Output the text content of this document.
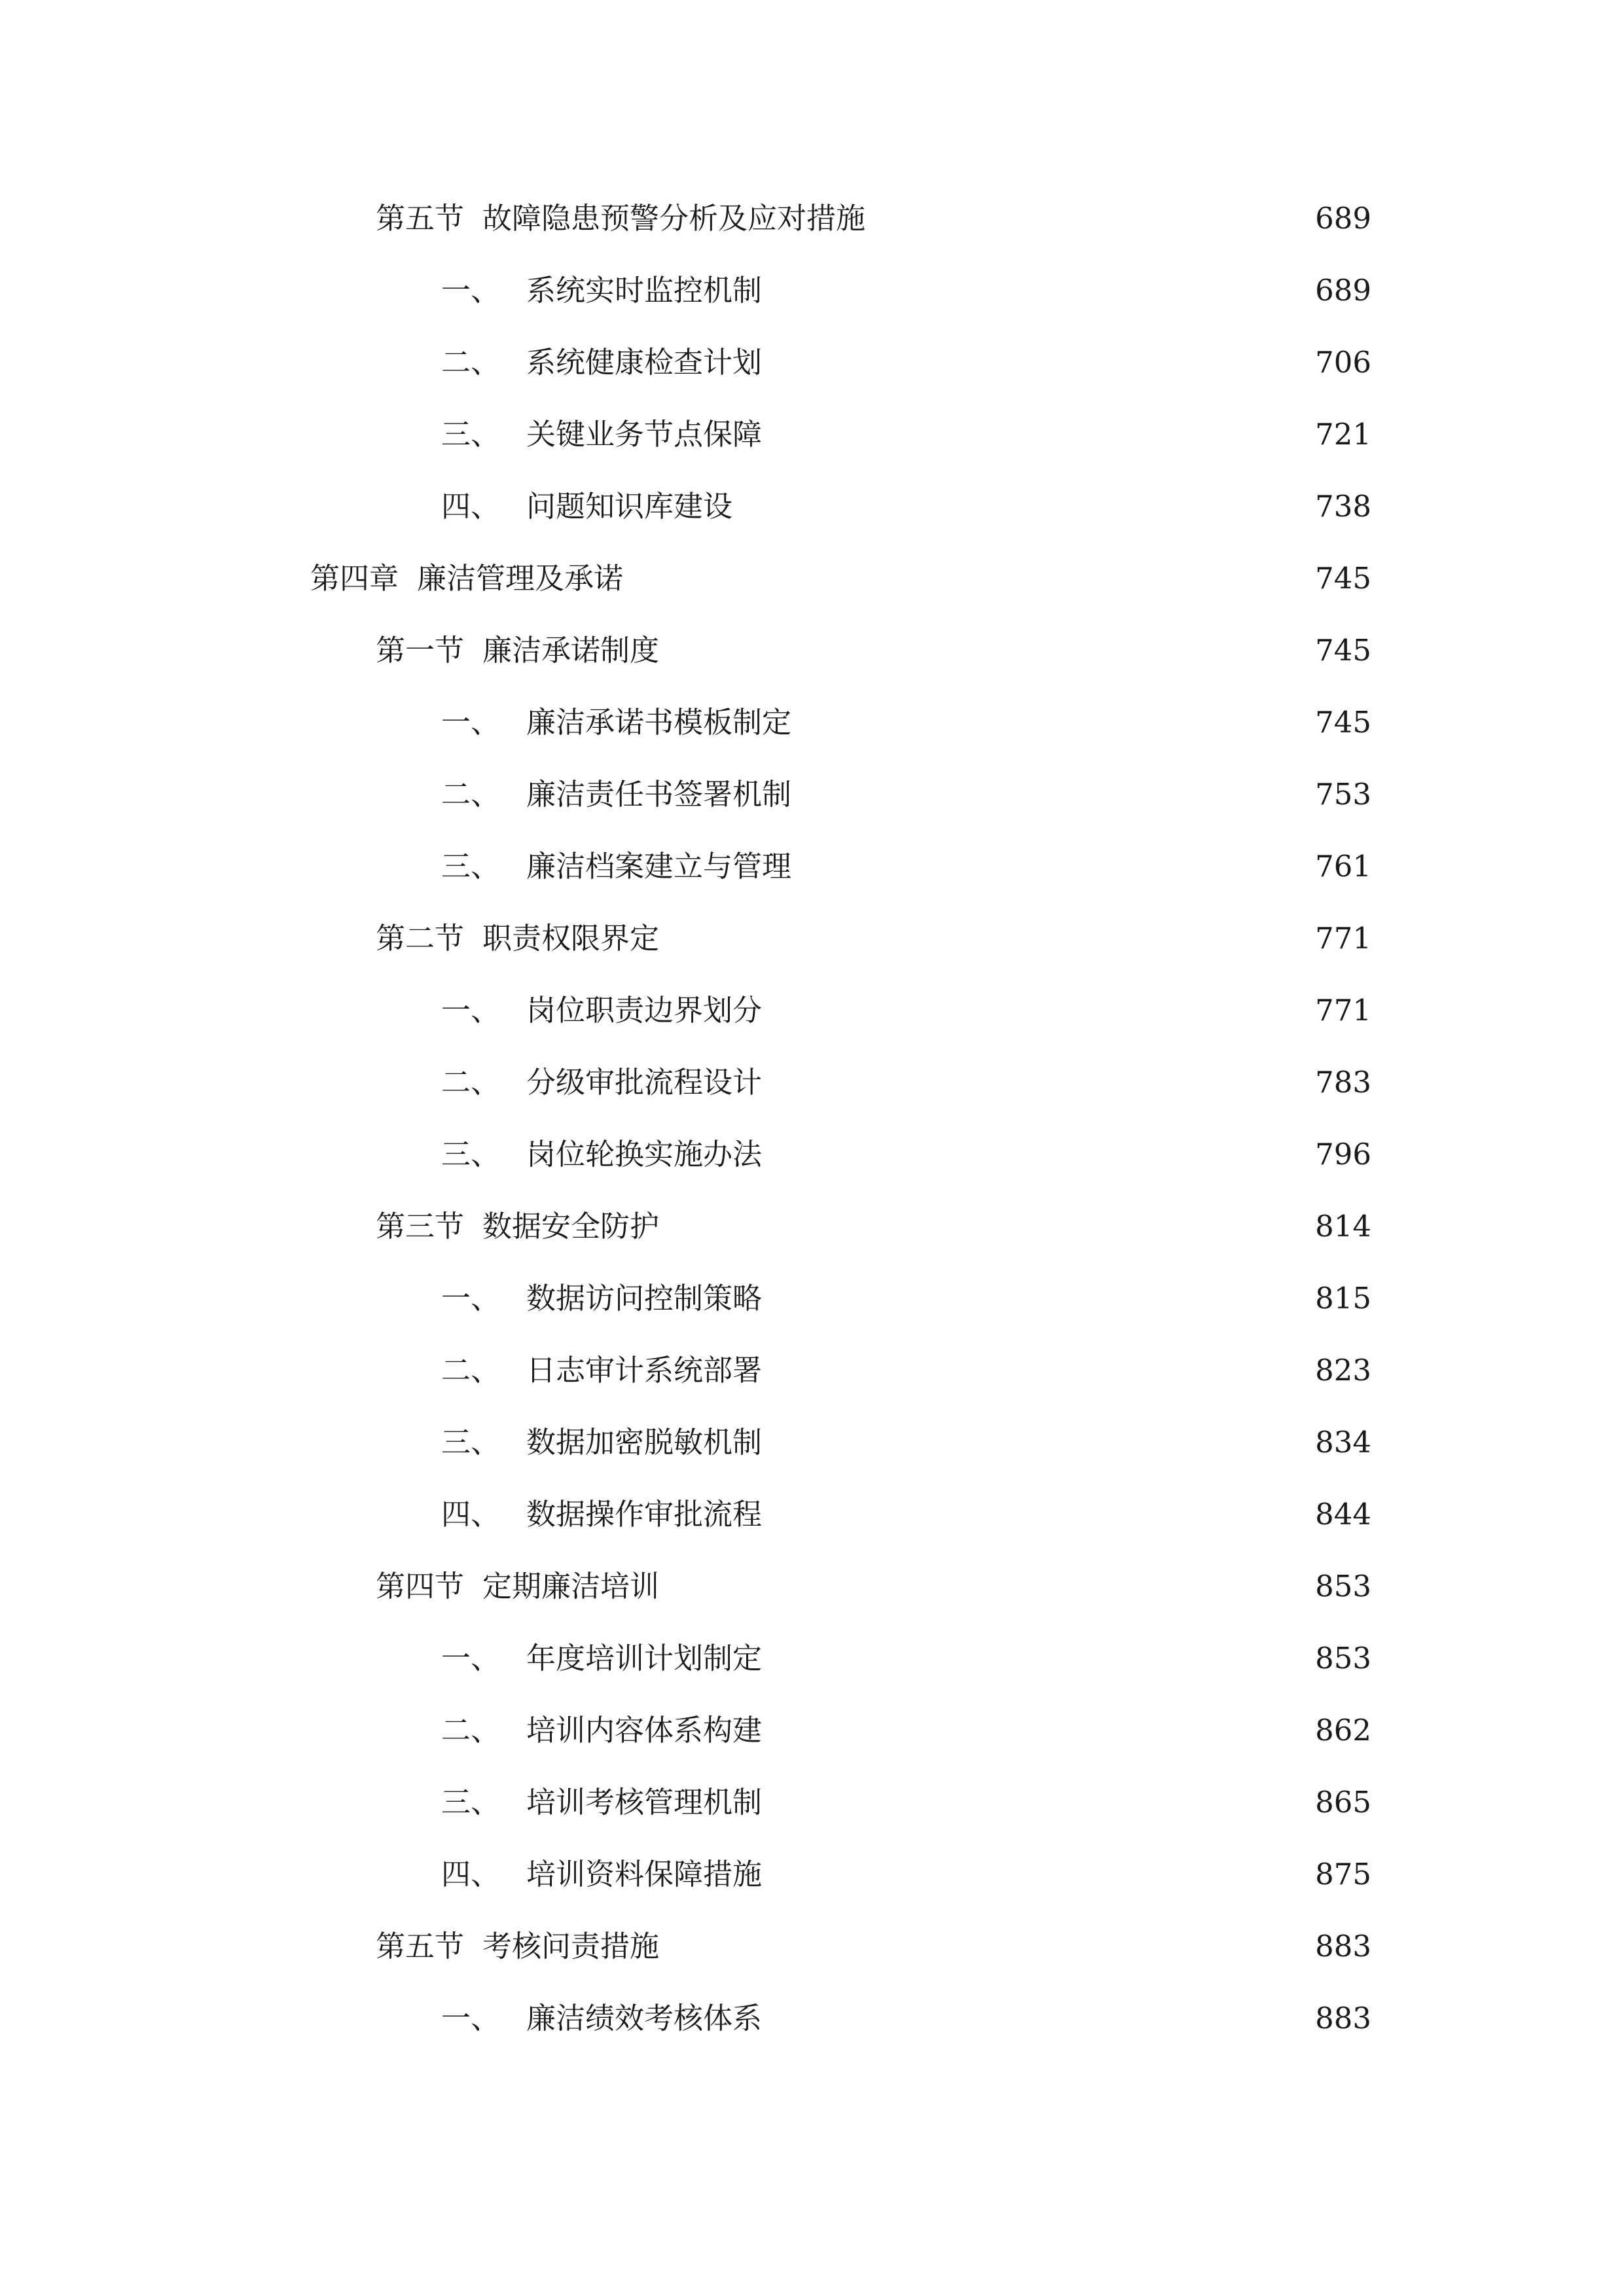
第五节 故障隐患预警分析及应对措施	689
一、 系统实时监控机制	689
二、 系统健康检查计划	706
三、 关键业务节点保障	721
四、 问题知识库建设	738
第四章 廉洁管理及承诺	745
第一节 廉洁承诺制度	745
一、 廉洁承诺书模板制定	745
二、 廉洁责任书签署机制	753
三、 廉洁档案建立与管理	761
第二节 职责权限界定	771
一、 岗位职责边界划分	771
二、 分级审批流程设计	783
三、 岗位轮换实施办法	796
第三节 数据安全防护	814
一、 数据访问控制策略	815
二、 日志审计系统部署	823
三、 数据加密脱敏机制	834
四、 数据操作审批流程	844
第四节 定期廉洁培训	853
一、 年度培训计划制定	853
二、 培训内容体系构建	862
三、 培训考核管理机制	865
四、 培训资料保障措施	875
第五节 考核问责措施	883
一、 廉洁绩效考核体系	883
